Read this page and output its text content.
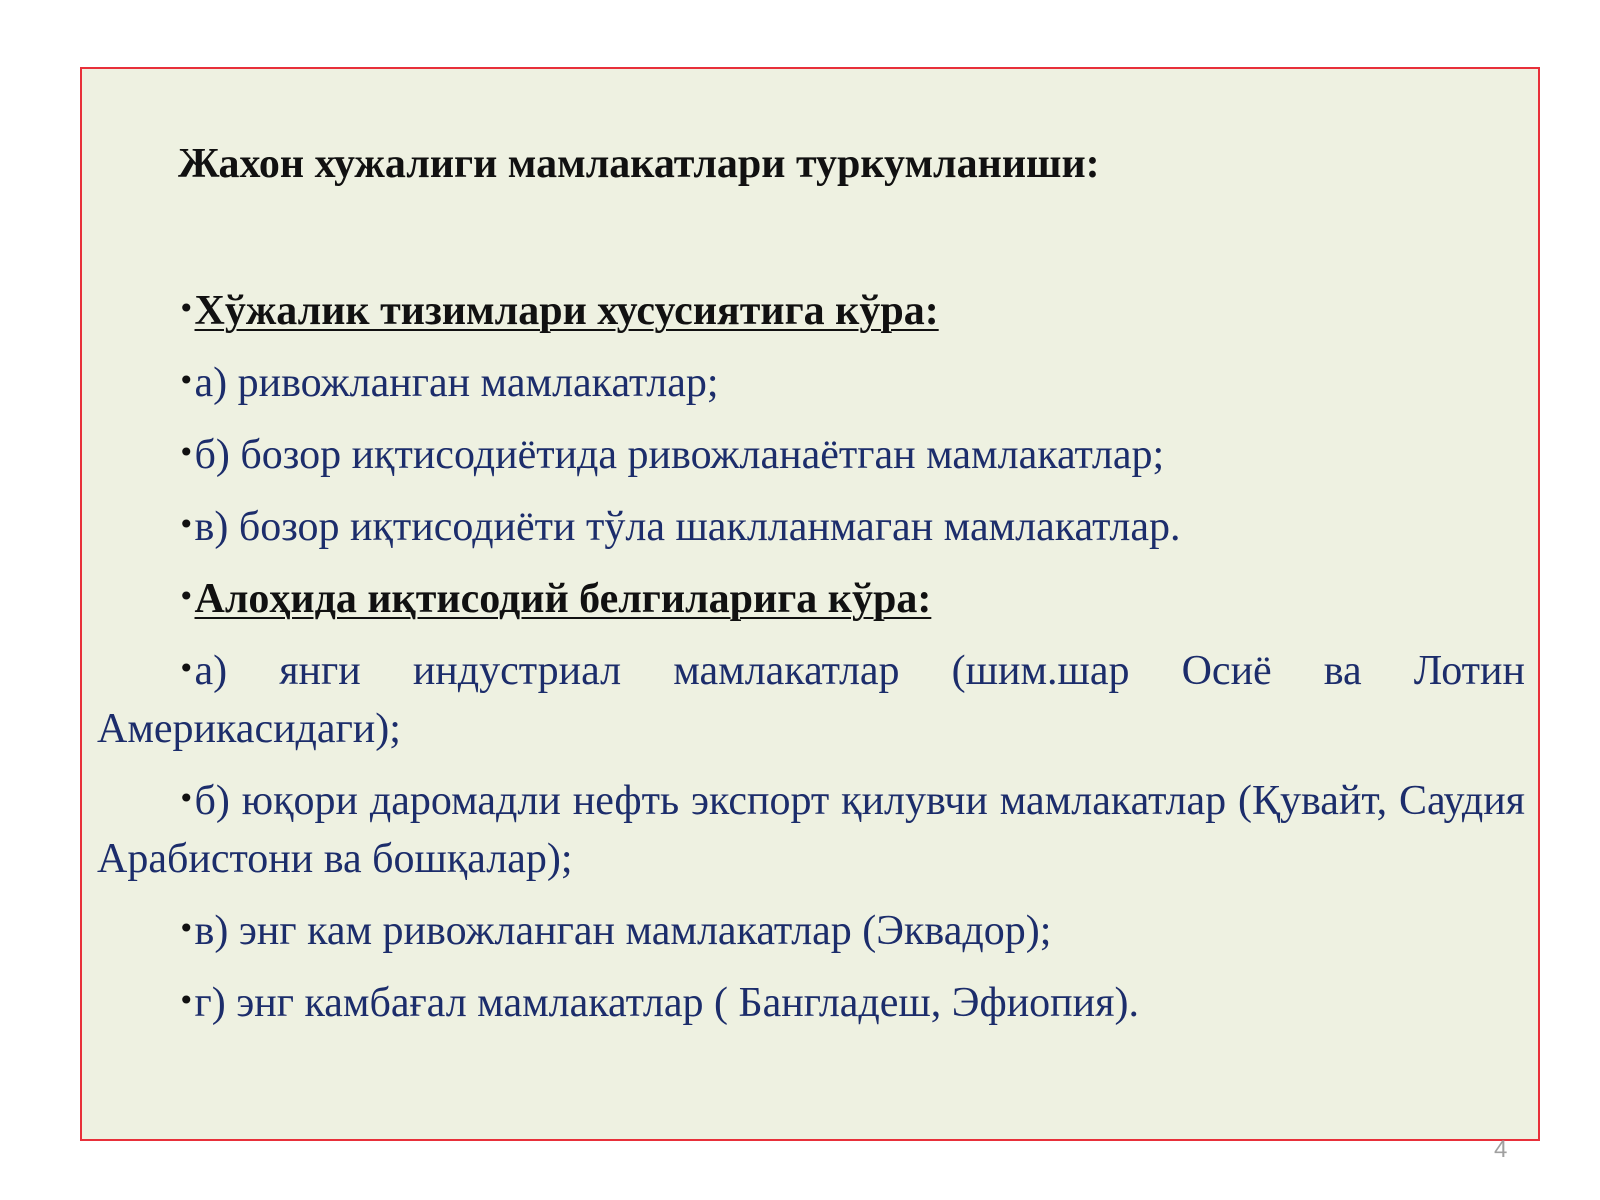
Жахон хужалиги мамлакатлари туркумланиши:

•Хўжалик тизимлари хусусиятига кўра:

•а) ривожланган мамлакатлар;

•б) бозор иқтисодиётида ривожланаётган мамлакатлар;

•в) бозор иқтисодиёти тўла шаклланмаган мамлакатлар.

•Алоҳида иқтисодий белгиларига кўра:

•а) янги индустриал мамлакатлар (шим.шар Осиё ва Лотин Америкасидаги);

•б) юқори даромадли нефть экспорт қилувчи мамлакатлар (Қувайт, Саудия Арабистони ва бошқалар);

•в) энг кам ривожланган мамлакатлар (Эквадор);

•г) энг камбағал мамлакатлар ( Бангладеш, Эфиопия).

4
